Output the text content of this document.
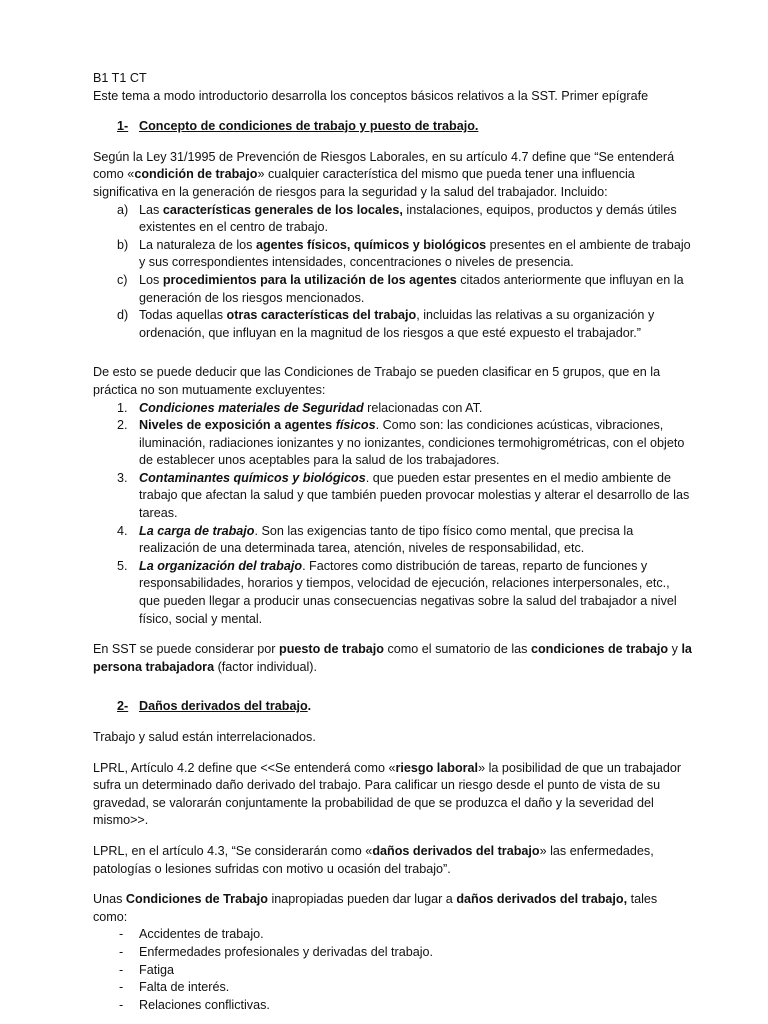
B1 T1 CT

Este tema a modo introductorio desarrolla los conceptos básicos relativos a la SST. Primer epígrafe

1- Concepto de condiciones de trabajo y puesto de trabajo.

Según la Ley 31/1995 de Prevención de Riesgos Laborales, en su artículo 4.7 define que “Se entenderá como «condición de trabajo» cualquier característica del mismo que pueda tener una influencia significativa en la generación de riesgos para la seguridad y la salud del trabajador. Incluido:

a) Las características generales de los locales, instalaciones, equipos, productos y demás útiles existentes en el centro de trabajo.
b) La naturaleza de los agentes físicos, químicos y biológicos presentes en el ambiente de trabajo y sus correspondientes intensidades, concentraciones o niveles de presencia.
c) Los procedimientos para la utilización de los agentes citados anteriormente que influyan en la generación de los riesgos mencionados.
d) Todas aquellas otras características del trabajo, incluidas las relativas a su organización y ordenación, que influyan en la magnitud de los riesgos a que esté expuesto el trabajador.”

De esto se puede deducir que las Condiciones de Trabajo se pueden clasificar en 5 grupos, que en la práctica no son mutuamente excluyentes:

1. Condiciones materiales de Seguridad relacionadas con AT.
2. Niveles de exposición a agentes físicos. Como son: las condiciones acústicas, vibraciones, iluminación, radiaciones ionizantes y no ionizantes, condiciones termohigrométricas, con el objeto de establecer unos aceptables para la salud de los trabajadores.
3. Contaminantes químicos y biológicos. que pueden estar presentes en el medio ambiente de trabajo que afectan la salud y que también pueden provocar molestias y alterar el desarrollo de las tareas.
4. La carga de trabajo. Son las exigencias tanto de tipo físico como mental, que precisa la realización de una determinada tarea, atención, niveles de responsabilidad, etc.
5. La organización del trabajo. Factores como distribución de tareas, reparto de funciones y responsabilidades, horarios y tiempos, velocidad de ejecución, relaciones interpersonales, etc., que pueden llegar a producir unas consecuencias negativas sobre la salud del trabajador a nivel físico, social y mental.

En SST se puede considerar por puesto de trabajo como el sumatorio de las condiciones de trabajo y la persona trabajadora (factor individual).

2- Daños derivados del trabajo.

Trabajo y salud están interrelacionados.

LPRL, Artículo 4.2 define que <<Se entenderá como «riesgo laboral» la posibilidad de que un trabajador sufra un determinado daño derivado del trabajo. Para calificar un riesgo desde el punto de vista de su gravedad, se valorarán conjuntamente la probabilidad de que se produzca el daño y la severidad del mismo>>.

LPRL, en el artículo 4.3, “Se considerarán como «daños derivados del trabajo» las enfermedades, patologías o lesiones sufridas con motivo u ocasión del trabajo”.

Unas Condiciones de Trabajo inapropiadas pueden dar lugar a daños derivados del trabajo, tales como:

- Accidentes de trabajo.
- Enfermedades profesionales y derivadas del trabajo.
- Fatiga
- Falta de interés.
- Relaciones conflictivas.
